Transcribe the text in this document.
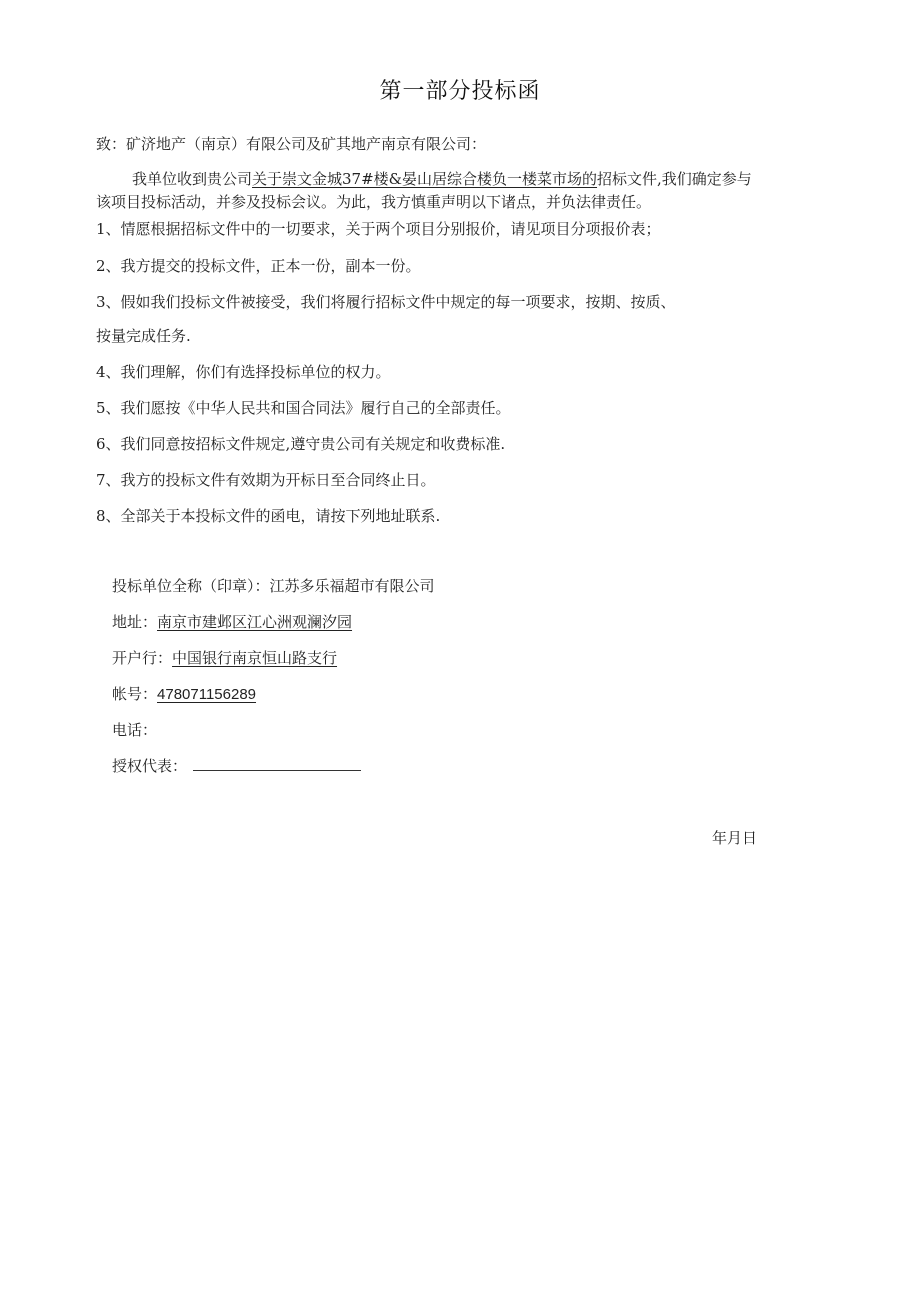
第一部分投标函
致：矿济地产（南京）有限公司及矿其地产南京有限公司：
我单位收到贵公司关于崇文金城37#楼&晏山居综合楼负一楼菜市场的招标文件,我们确定参与
该项目投标活动，并参及投标会议。为此，我方慎重声明以下诸点，并负法律责任。
1、情愿根据招标文件中的一切要求，关于两个项目分别报价，请见项目分项报价表；
2、我方提交的投标文件，正本一份，副本一份。
3、假如我们投标文件被接受，我们将履行招标文件中规定的每一项要求，按期、按质、
按量完成任务.
4、我们理解，你们有选择投标单位的权力。
5、我们愿按《中华人民共和国合同法》履行自己的全部责任。
6、我们同意按招标文件规定,遵守贵公司有关规定和收费标准.
7、我方的投标文件有效期为开标日至合同终止日。
8、全部关于本投标文件的函电，请按下列地址联系.
投标单位全称（印章）：江苏多乐福超市有限公司
地址：南京市建邺区江心洲观澜汐园
开户行：中国银行南京恒山路支行
帐号：478071156289
电话：
授权代表：
年月日
